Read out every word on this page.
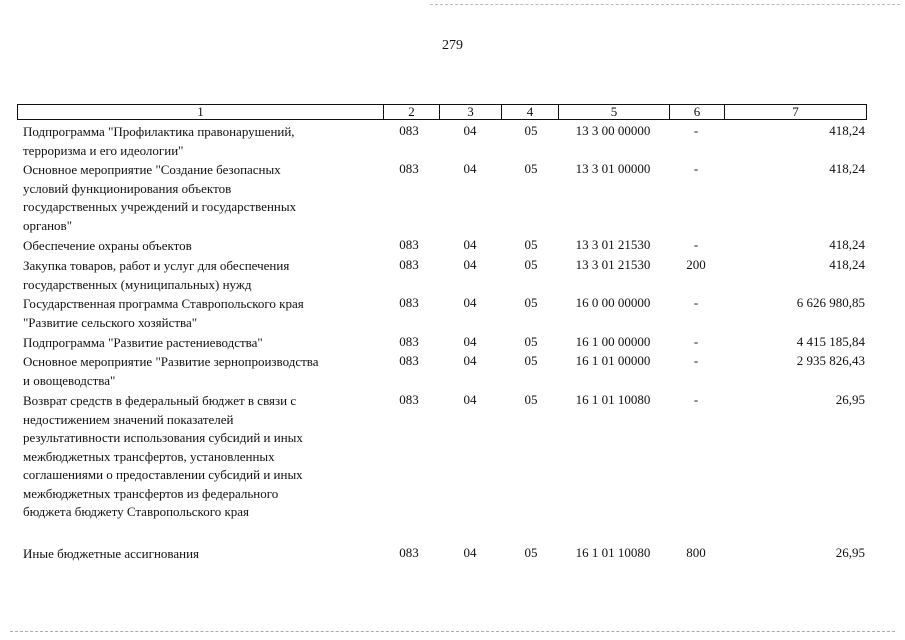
279
1	2	3	4	5	6	7
Подпрограмма "Профилактика правонарушений,
терроризма и его идеологии"
083	04	05	13 3 00 00000	-	418,24
Основное мероприятие "Создание безопасных
условий функционирования объектов
государственных учреждений и государственных
органов"
083	04	05	13 3 01 00000	-	418,24
Обеспечение охраны объектов	083	04	05	13 3 01 21530	-	418,24
Закупка товаров, работ и услуг для обеспечения
государственных (муниципальных) нужд
083	04	05	13 3 01 21530	200	418,24
Государственная программа Ставропольского края
"Развитие сельского хозяйства"
083	04	05	16 0 00 00000	-	6 626 980,85
Подпрограмма "Развитие растениеводства"	083	04	05	16 1 00 00000	-	4 415 185,84
Основное мероприятие "Развитие зернопроизводства
и овощеводства"
083	04	05	16 1 01 00000	-	2 935 826,43
Возврат средств в федеральный бюджет в связи с
недостижением значений показателей
результативности использования субсидий и иных
межбюджетных трансфертов, установленных
соглашениями о предоставлении субсидий и иных
межбюджетных трансфертов из федерального
бюджета бюджету Ставропольского края
083	04	05	16 1 01 10080	-	26,95
Иные бюджетные ассигнования	083	04	05	16 1 01 10080	800	26,95
